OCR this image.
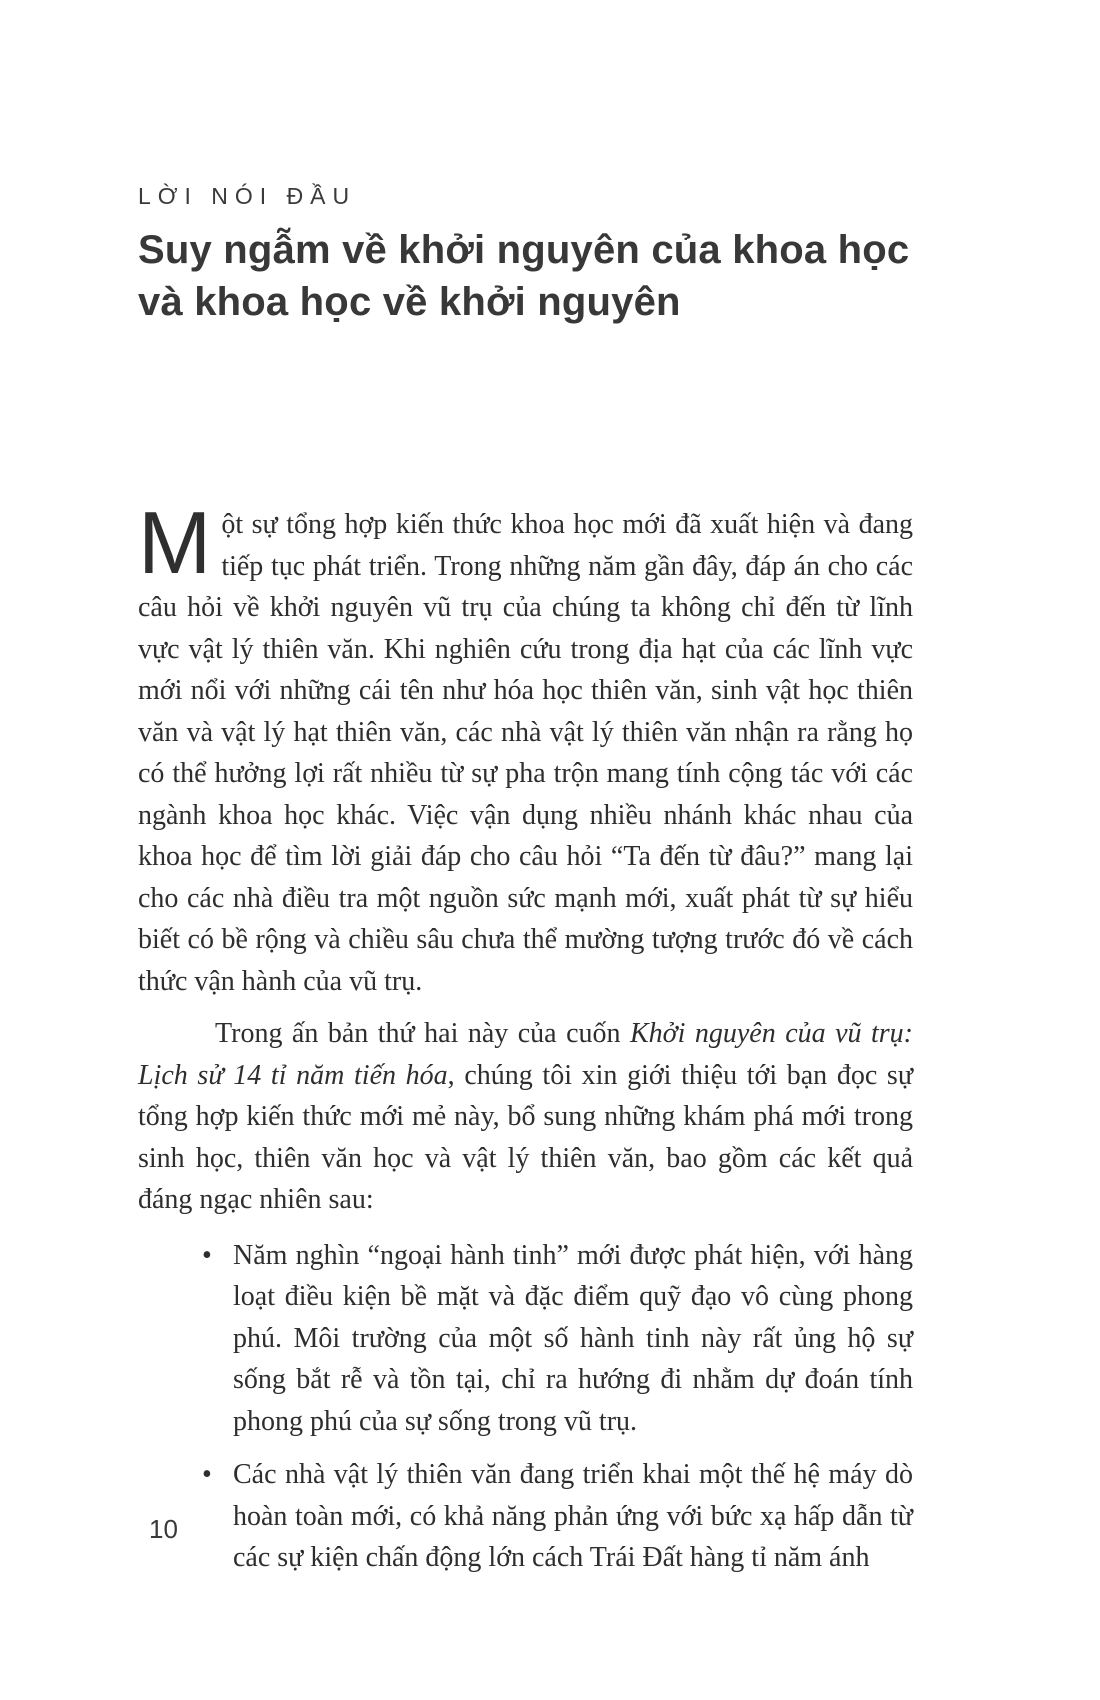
LỜI NÓI ĐẦU
Suy ngẫm về khởi nguyên của khoa học
và khoa học về khởi nguyên

Một sự tổng hợp kiến thức khoa học mới đã xuất hiện và đang tiếp tục phát triển. Trong những năm gần đây, đáp án cho các câu hỏi về khởi nguyên vũ trụ của chúng ta không chỉ đến từ lĩnh vực vật lý thiên văn. Khi nghiên cứu trong địa hạt của các lĩnh vực mới nổi với những cái tên như hóa học thiên văn, sinh vật học thiên văn và vật lý hạt thiên văn, các nhà vật lý thiên văn nhận ra rằng họ có thể hưởng lợi rất nhiều từ sự pha trộn mang tính cộng tác với các ngành khoa học khác. Việc vận dụng nhiều nhánh khác nhau của khoa học để tìm lời giải đáp cho câu hỏi “Ta đến từ đâu?” mang lại cho các nhà điều tra một nguồn sức mạnh mới, xuất phát từ sự hiểu biết có bề rộng và chiều sâu chưa thể mường tượng trước đó về cách thức vận hành của vũ trụ.

Trong ấn bản thứ hai này của cuốn Khởi nguyên của vũ trụ: Lịch sử 14 tỉ năm tiến hóa, chúng tôi xin giới thiệu tới bạn đọc sự tổng hợp kiến thức mới mẻ này, bổ sung những khám phá mới trong sinh học, thiên văn học và vật lý thiên văn, bao gồm các kết quả đáng ngạc nhiên sau:

• Năm nghìn “ngoại hành tinh” mới được phát hiện, với hàng loạt điều kiện bề mặt và đặc điểm quỹ đạo vô cùng phong phú. Môi trường của một số hành tinh này rất ủng hộ sự sống bắt rễ và tồn tại, chỉ ra hướng đi nhằm dự đoán tính phong phú của sự sống trong vũ trụ.
• Các nhà vật lý thiên văn đang triển khai một thế hệ máy dò hoàn toàn mới, có khả năng phản ứng với bức xạ hấp dẫn từ các sự kiện chấn động lớn cách Trái Đất hàng tỉ năm ánh
10
